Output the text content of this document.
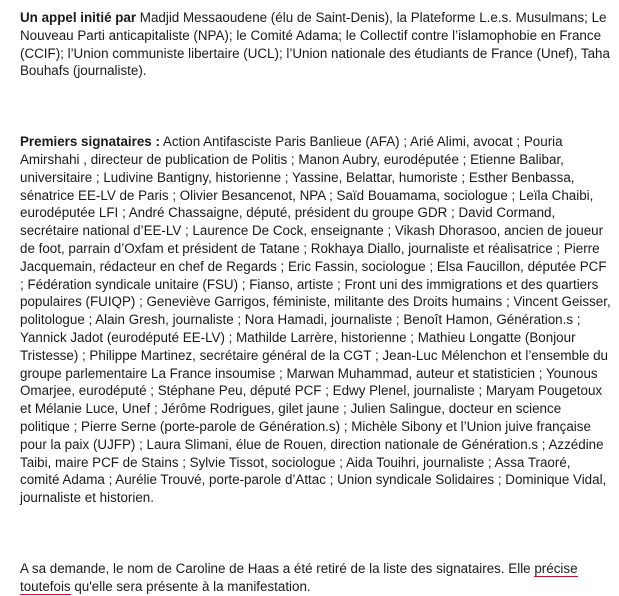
Un appel initié par Madjid Messaoudene (élu de Saint-Denis), la Plateforme L.e.s. Musulmans; Le Nouveau Parti anticapitaliste (NPA); le Comité Adama; le Collectif contre l’islamophobie en France (CCIF); l’Union communiste libertaire (UCL); l’Union nationale des étudiants de France (Unef), Taha Bouhafs (journaliste).

Premiers signataires : Action Antifasciste Paris Banlieue (AFA) ; Arié Alimi, avocat ; Pouria Amirshahi , directeur de publication de Politis ; Manon Aubry, eurodéputée ; Etienne Balibar, universitaire ; Ludivine Bantigny, historienne ; Yassine, Belattar, humoriste ; Esther Benbassa, sénatrice EE-LV de Paris ; Olivier Besancenot, NPA ; Saïd Bouamama, sociologue ; Leïla Chaibi, eurodéputée LFI ; André Chassaigne, député, président du groupe GDR ; David Cormand, secrétaire national d’EE-LV ; Laurence De Cock, enseignante ; Vikash Dhorasoo, ancien de joueur de foot, parrain d’Oxfam et président de Tatane ; Rokhaya Diallo, journaliste et réalisatrice ; Pierre Jacquemain, rédacteur en chef de Regards ; Eric Fassin, sociologue ; Elsa Faucillon, députée PCF ; Fédération syndicale unitaire (FSU) ; Fianso, artiste ; Front uni des immigrations et des quartiers populaires (FUIQP) ; Geneviève Garrigos, féministe, militante des Droits humains ; Vincent Geisser, politologue ; Alain Gresh, journaliste ; Nora Hamadi, journaliste ; Benoît Hamon, Génération.s ; Yannick Jadot (eurodéputé EE-LV) ; Mathilde Larrère, historienne ; Mathieu Longatte (Bonjour Tristesse) ; Philippe Martinez, secrétaire général de la CGT ; Jean-Luc Mélenchon et l’ensemble du groupe parlementaire La France insoumise ; Marwan Muhammad, auteur et statisticien ; Younous Omarjee, eurodéputé ; Stéphane Peu, député PCF ; Edwy Plenel, journaliste ; Maryam Pougetoux et Mélanie Luce, Unef ; Jérôme Rodrigues, gilet jaune ; Julien Salingue, docteur en science politique ; Pierre Serne (porte-parole de Génération.s) ; Michèle Sibony et l’Union juive française pour la paix (UJFP) ; Laura Slimani, élue de Rouen, direction nationale de Génération.s ; Azzédine Taibi, maire PCF de Stains ; Sylvie Tissot, sociologue ; Aida Touihri, journaliste ; Assa Traoré, comité Adama ; Aurélie Trouvé, porte-parole d’Attac ; Union syndicale Solidaires ; Dominique Vidal, journaliste et historien.

A sa demande, le nom de Caroline de Haas a été retiré de la liste des signataires. Elle précise toutefois qu'elle sera présente à la manifestation.
